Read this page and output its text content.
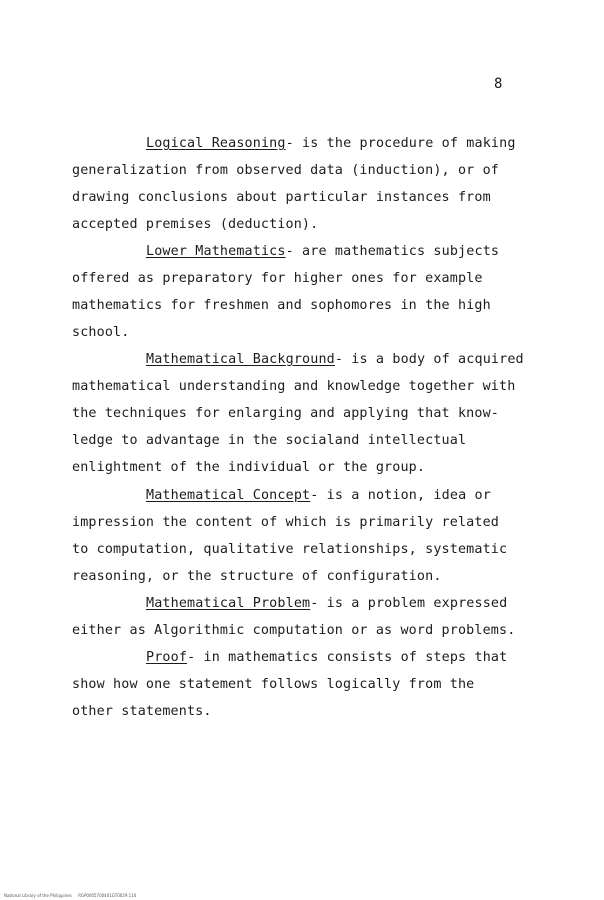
8
Logical Reasoning- is the procedure of making
generalization from observed data (induction), or of
drawing conclusions about particular instances from
accepted premises (deduction).
Lower Mathematics- are mathematics subjects
offered as preparatory for higher ones for example
mathematics for freshmen and sophomores in the high
school.
Mathematical Background- is a body of acquired
mathematical understanding and knowledge together with
the techniques for enlarging and applying that know-
ledge to advantage in the socialand intellectual
enlightment of the individual or the group.
Mathematical Concept- is a notion, idea or
impression the content of which is primarily related
to computation, qualitative relationships, systematic
reasoning, or the structure of configuration.
Mathematical Problem- is a problem expressed
either as Algorithmic computation or as word problems.
Proof- in mathematics consists of steps that
show how one statement follows logically from the
other statements.
National Library of the Philippines     RGP0005700401GT0029 110
